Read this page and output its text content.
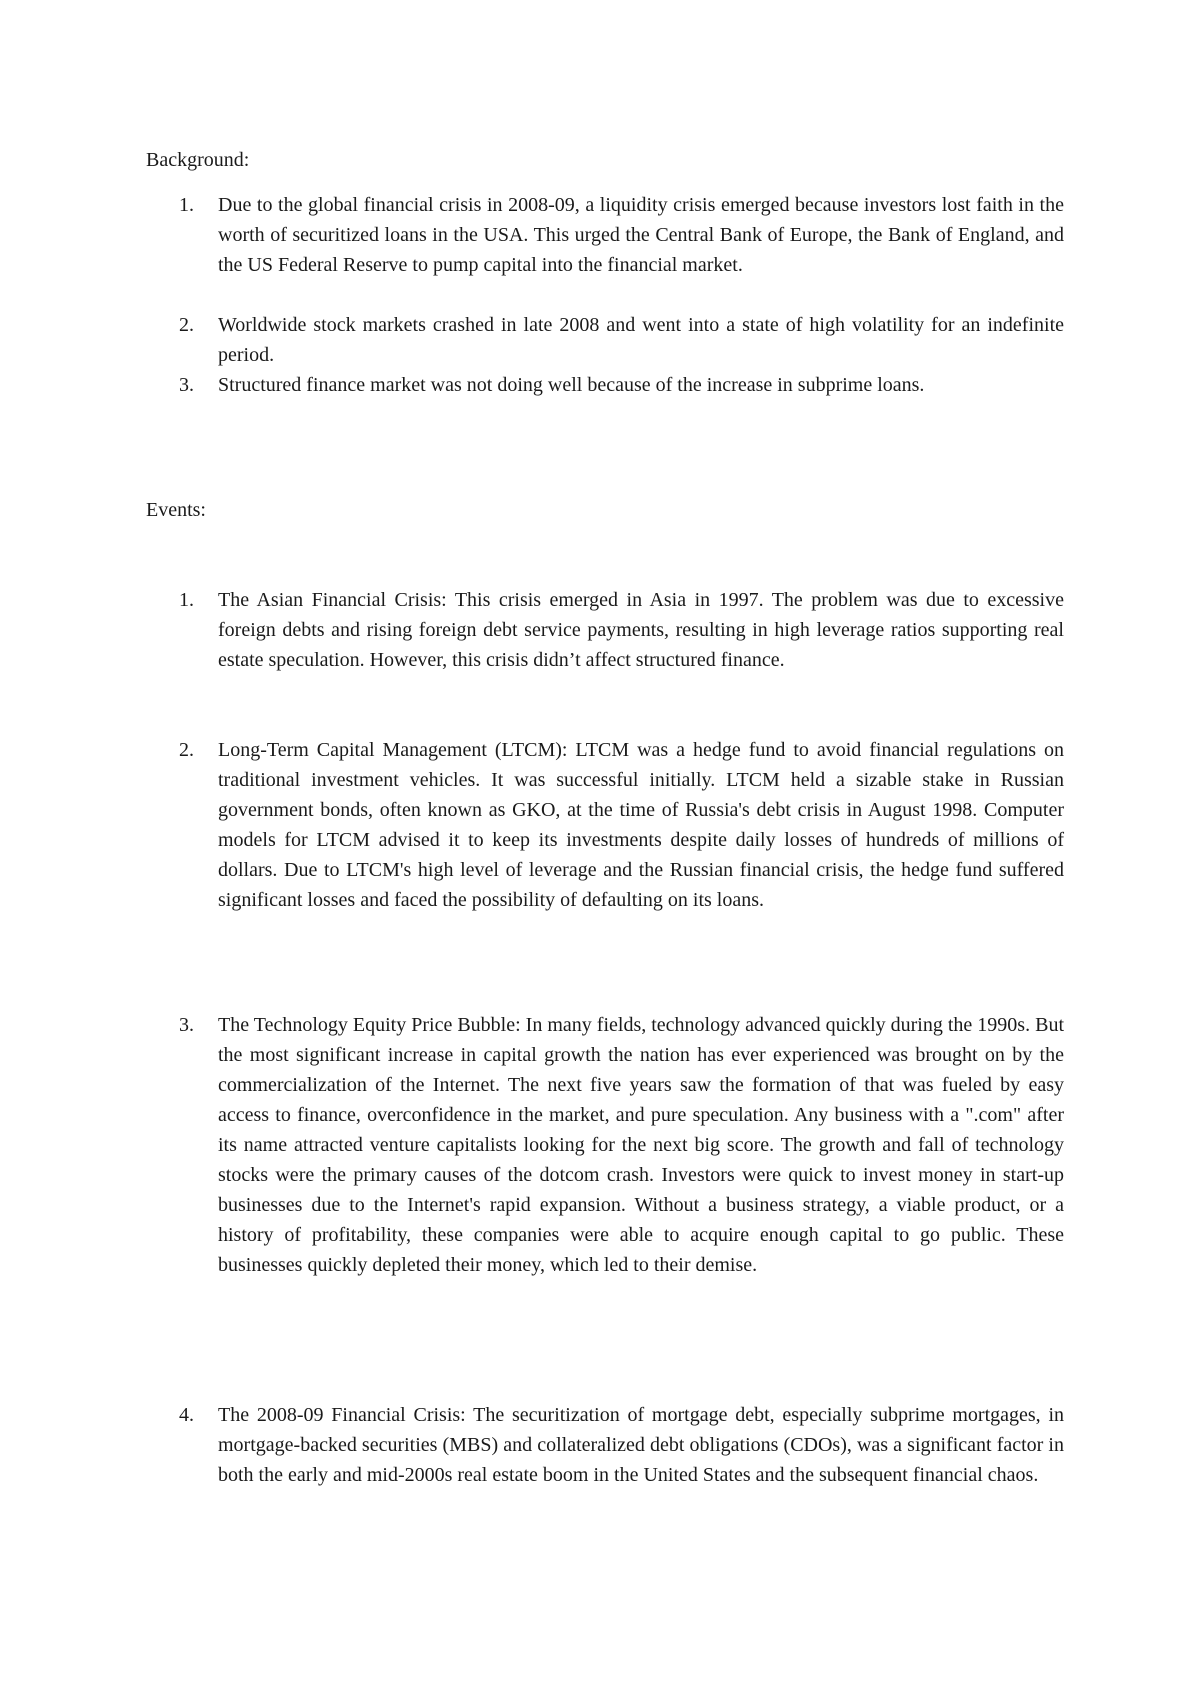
Background:

1. Due to the global financial crisis in 2008-09, a liquidity crisis emerged because investors lost faith in the worth of securitized loans in the USA. This urged the Central Bank of Europe, the Bank of England, and the US Federal Reserve to pump capital into the financial market.
2. Worldwide stock markets crashed in late 2008 and went into a state of high volatility for an indefinite period.
3. Structured finance market was not doing well because of the increase in subprime loans.

Events:

1. The Asian Financial Crisis: This crisis emerged in Asia in 1997. The problem was due to excessive foreign debts and rising foreign debt service payments, resulting in high leverage ratios supporting real estate speculation. However, this crisis didn’t affect structured finance.
2. Long-Term Capital Management (LTCM): LTCM was a hedge fund to avoid financial regulations on traditional investment vehicles. It was successful initially. LTCM held a sizable stake in Russian government bonds, often known as GKO, at the time of Russia's debt crisis in August 1998. Computer models for LTCM advised it to keep its investments despite daily losses of hundreds of millions of dollars. Due to LTCM's high level of leverage and the Russian financial crisis, the hedge fund suffered significant losses and faced the possibility of defaulting on its loans.
3. The Technology Equity Price Bubble: In many fields, technology advanced quickly during the 1990s. But the most significant increase in capital growth the nation has ever experienced was brought on by the commercialization of the Internet. The next five years saw the formation of that was fueled by easy access to finance, overconfidence in the market, and pure speculation. Any business with a ".com" after its name attracted venture capitalists looking for the next big score. The growth and fall of technology stocks were the primary causes of the dotcom crash. Investors were quick to invest money in start-up businesses due to the Internet's rapid expansion. Without a business strategy, a viable product, or a history of profitability, these companies were able to acquire enough capital to go public. These businesses quickly depleted their money, which led to their demise.
4. The 2008-09 Financial Crisis: The securitization of mortgage debt, especially subprime mortgages, in mortgage-backed securities (MBS) and collateralized debt obligations (CDOs), was a significant factor in both the early and mid-2000s real estate boom in the United States and the subsequent financial chaos.
